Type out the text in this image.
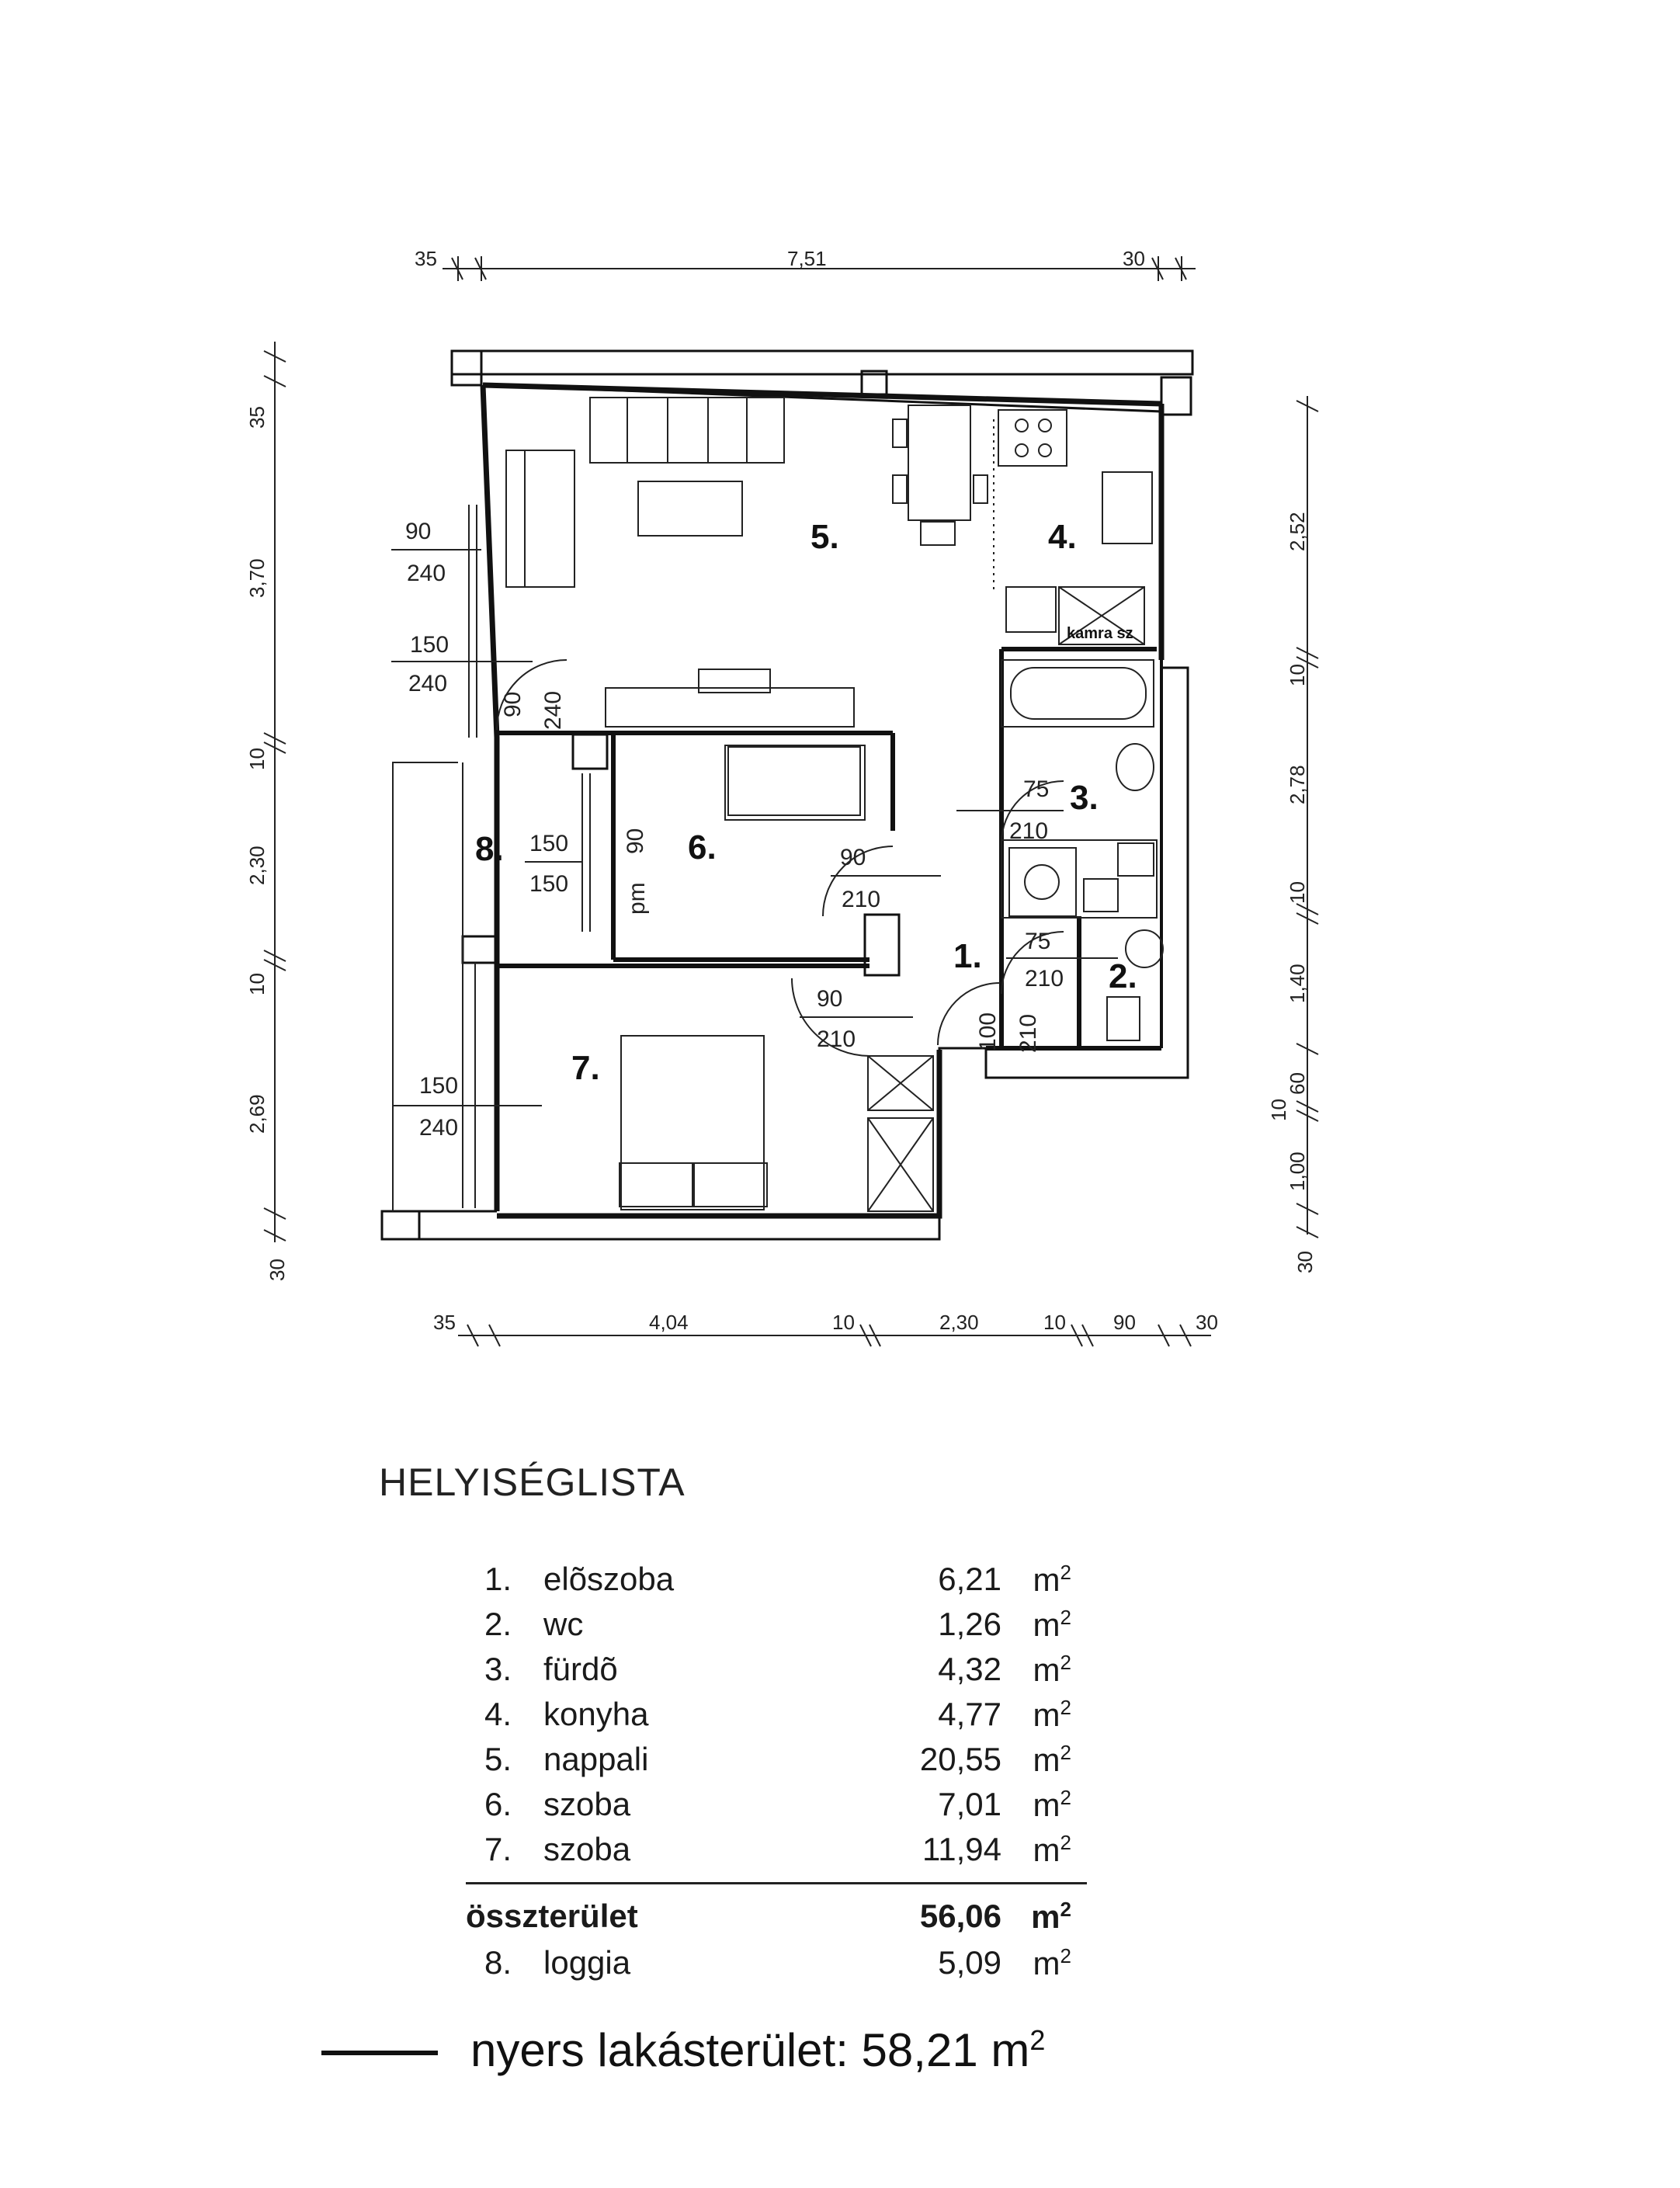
35	7,51	30
35	4,04	10	2,30	10 90	30
35
3,70
10
2,30
10
2,69
30
2,52
10
2,78
10
1,40
60
10
1,00
30
90
240
150
240
90 240
150
150
90
pm
90
210
75
210
75
210
90
210	100 210
150
240
1.
2.
3.
4.
5.
6.
7.
8.
kamra sz
HELYISÉGLISTA
1. elõszoba	6,21 $m^2$
2. wc	1,26 $m^2$
3. fürdõ	4,32 $m^2$
4. konyha	4,77 $m^2$
5. nappali	20,55 $m^2$
6. szoba	7,01 $m^2$
7. szoba	11,94 $m^2$
összterület	56,06 $m^2$
8. loggia	5,09 $m^2$
nyers lakásterület: 58,21 $m^2$
